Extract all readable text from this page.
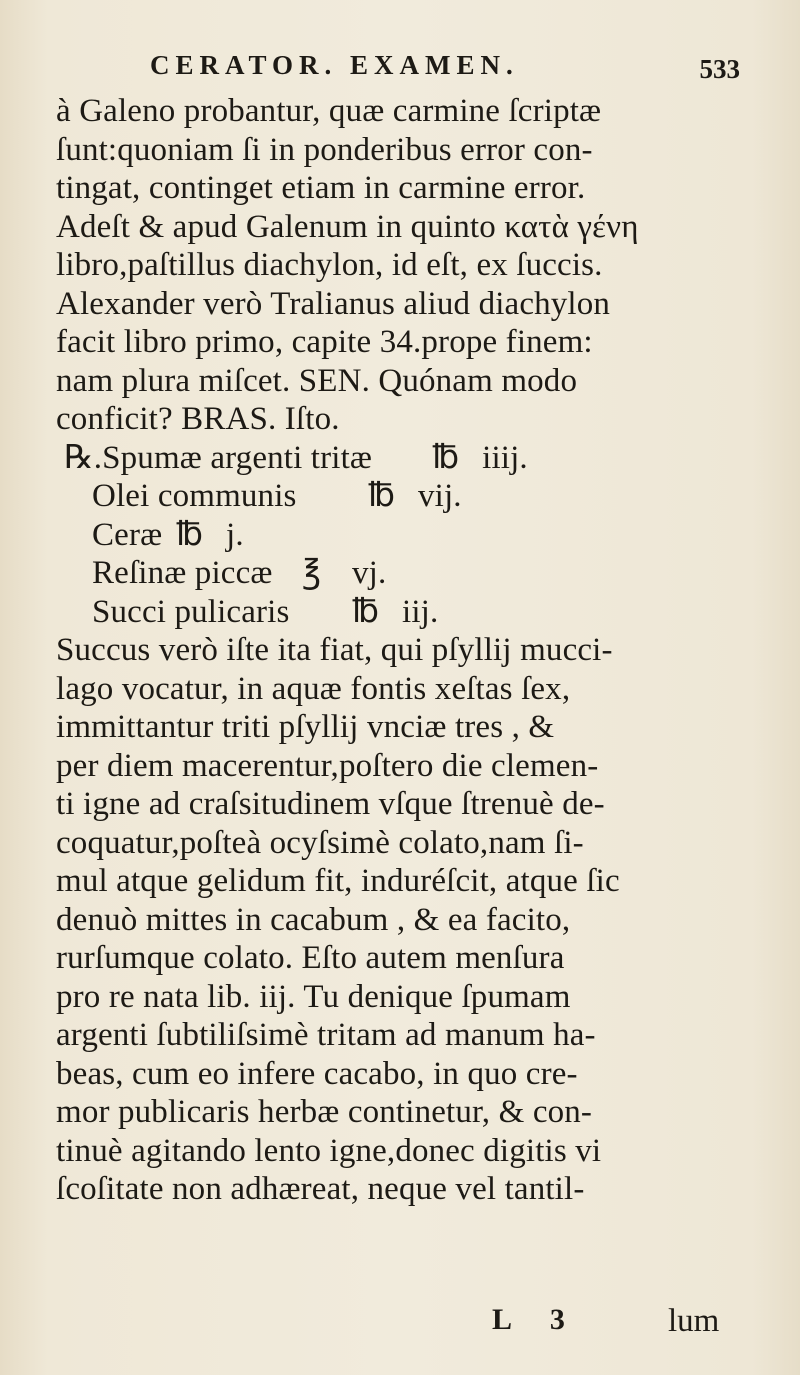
CERATOR. EXAMEN.	533
à Galeno probantur, quæ carmine ſcriptæ
ſunt:quoniam ſi in ponderibus error con-
tingat, continget etiam in carmine error.
Adeſt & apud Galenum in quinto κατὰ γένη
libro,paſtillus diachylon, id eſt, ex ſuccis.
Alexander verò Tralianus aliud diachylon
facit libro primo, capite 34.prope finem:
nam plura miſcet. SEN. Quónam modo
conficit? BRAS. Iſto.
℞. Spumæ argenti tritæ	℔ iiij.
Olei communis	℔ vij.
Ceræ ℔ j.
Reſinæ piccæ ℥ vj.
Succi pulicaris	℔ iij.
Succus verò iſte ita fiat, qui pſyllij mucci-
lago vocatur, in aquæ fontis xeſtas ſex,
immittantur triti pſyllij vnciæ tres , &
per diem macerentur,poſtero die clemen-
ti igne ad craſsitudinem vſque ſtrenuè de-
coquatur,poſteà ocyſsimè colato,nam ſi-
mul atque gelidum fit, induréſcit, atque ſic
denuò mittes in cacabum , & ea facito,
rurſumque colato. Eſto autem menſura
pro re nata lib. iij. Tu denique ſpumam
argenti ſubtiliſsimè tritam ad manum ha-
beas, cum eo infere cacabo, in quo cre-
mor publicaris herbæ continetur, & con-
tinuè agitando lento igne,donec digitis vi
ſcoſitate non adhæreat, neque vel tantil-
L 3	lum
